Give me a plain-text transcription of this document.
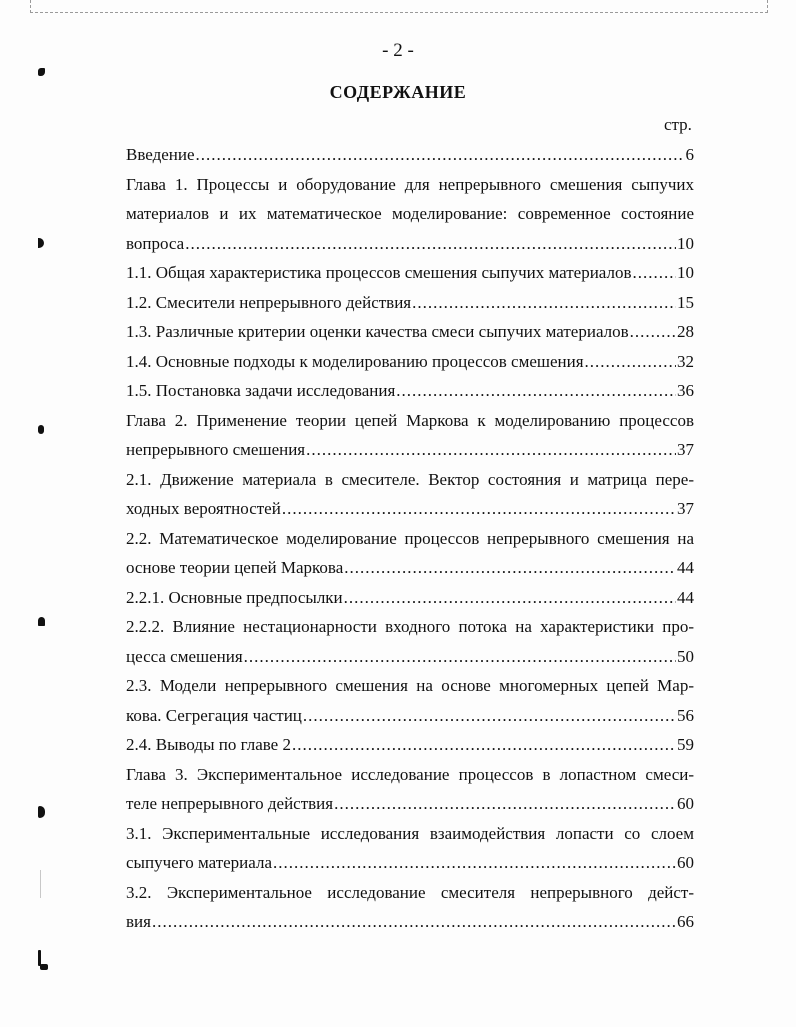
- 2 -
СОДЕРЖАНИЕ
стр.
Введение .....	6
Глава 1. Процессы и оборудование для непрерывного смешения сыпучих
материалов и их математическое моделирование: современное состояние
вопроса .....	10
1.1. Общая характеристика процессов смешения сыпучих материалов .....	10
1.2. Смесители непрерывного действия .....	15
1.3. Различные критерии оценки качества смеси сыпучих материалов .....	28
1.4. Основные подходы к моделированию процессов смешения .....	32
1.5. Постановка задачи исследования .....	36
Глава 2. Применение теории цепей Маркова к моделированию процессов
непрерывного смешения .....	37
2.1. Движение материала в смесителе. Вектор состояния и матрица пере-
ходных вероятностей .....	37
2.2. Математическое моделирование процессов непрерывного смешения на
основе теории цепей Маркова .....	44
2.2.1. Основные предпосылки .....	44
2.2.2. Влияние нестационарности входного потока на характеристики про-
цесса смешения .....	50
2.3. Модели непрерывного смешения на основе многомерных цепей Мар-
кова. Сегрегация частиц .....	56
2.4. Выводы по главе 2 .....	59
Глава 3. Экспериментальное исследование процессов в лопастном смеси-
теле непрерывного действия .....	60
3.1. Экспериментальные исследования взаимодействия лопасти со слоем
сыпучего материала .....	60
3.2. Экспериментальное исследование смесителя непрерывного дейст-
вия .....	66
